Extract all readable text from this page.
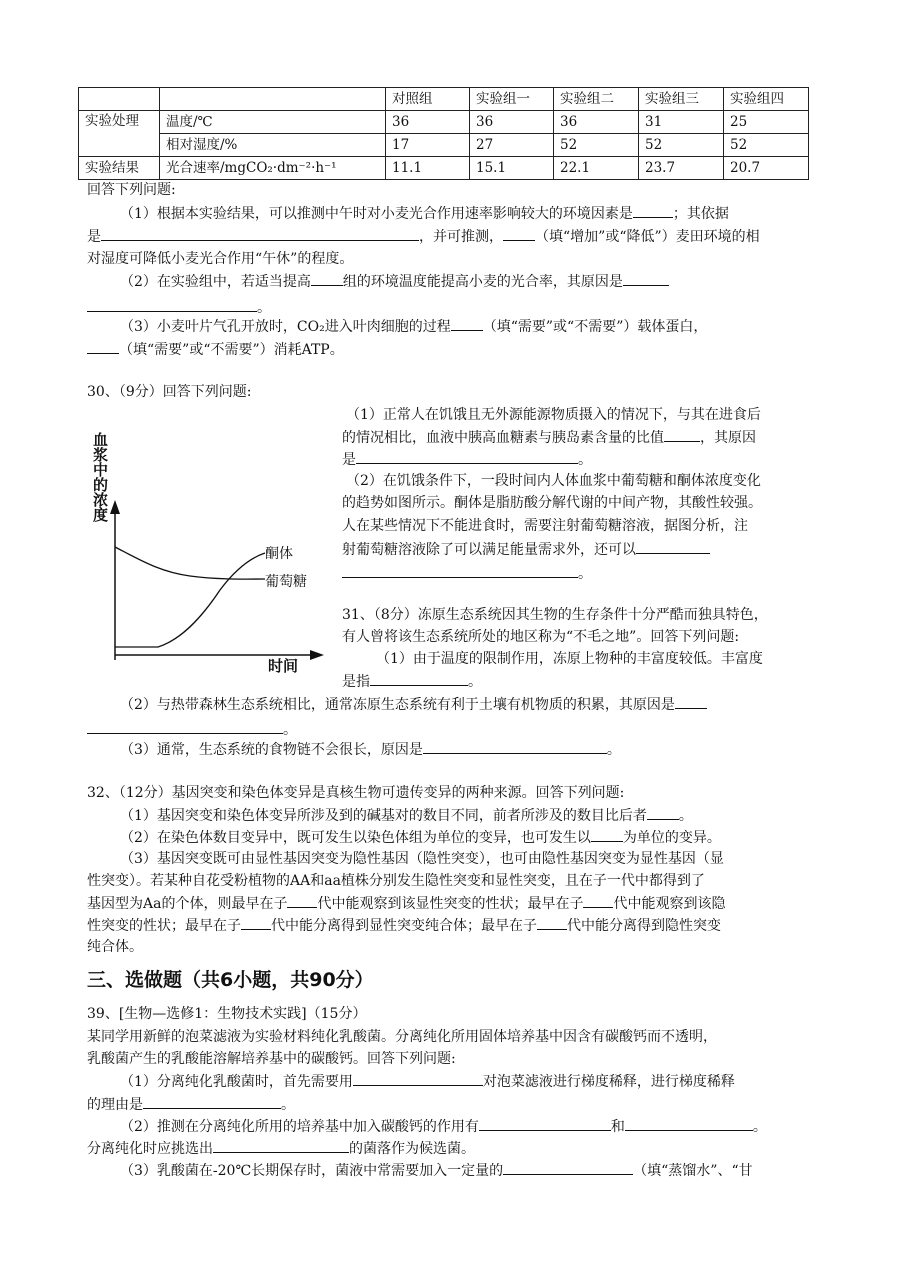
		对照组	实验组一	实验组二	实验组三	实验组四
实验处理	温度/℃	36	36	36	31	25
	相对湿度/%	17	27	52	52	52
实验结果	光合速率/mgCO₂·dm⁻²·h⁻¹	11.1	15.1	22.1	23.7	20.7
回答下列问题:
（1）根据本实验结果，可以推测中午时对小麦光合作用速率影响较大的环境因素是	；其依据
是	，并可推测， （填“增加”或“降低”）麦田环境的相
对湿度可降低小麦光合作用“午休”的程度。
（2）在实验组中，若适当提高 组的环境温度能提高小麦的光合率，其原因是
。
（3）小麦叶片气孔开放时，CO₂进入叶肉细胞的过程 （填“需要”或“不需要”）载体蛋白，
（填“需要”或“不需要”）消耗ATP。
30、（9分）回答下列问题:
（1）正常人在饥饿且无外源能源物质摄入的情况下，与其在进食后
的情况相比，血液中胰高血糖素与胰岛素含量的比值	，其原因
是	。
（2）在饥饿条件下，一段时间内人体血浆中葡萄糖和酮体浓度变化
的趋势如图所示。酮体是脂肪酸分解代谢的中间产物，其酸性较强。
人在某些情况下不能进食时，需要注射葡萄糖溶液，据图分析，注
射葡萄糖溶液除了可以满足能量需求外，还可以
。
血浆中的浓度
酮体
葡萄糖
时间
31、（8分）冻原生态系统因其生物的生存条件十分严酷而独具特色，
有人曾将该生态系统所处的地区称为“不毛之地”。回答下列问题:
（1）由于温度的限制作用，冻原上物种的丰富度较低。丰富度
是指	。
（2）与热带森林生态系统相比，通常冻原生态系统有利于土壤有机物质的积累，其原因是
。
（3）通常，生态系统的食物链不会很长，原因是	。
32、（12分）基因突变和染色体变异是真核生物可遗传变异的两种来源。回答下列问题:
（1）基因突变和染色体变异所涉及到的碱基对的数目不同，前者所涉及的数目比后者 。
（2）在染色体数目变异中，既可发生以染色体组为单位的变异，也可发生以 为单位的变异。
（3）基因突变既可由显性基因突变为隐性基因（隐性突变），也可由隐性基因突变为显性基因（显
性突变）。若某种自花受粉植物的AA和aa植株分别发生隐性突变和显性突变，且在子一代中都得到了
基因型为Aa的个体，则最早在子 代中能观察到该显性突变的性状；最早在子 代中能观察到该隐
性突变的性状；最早在子 代中能分离得到显性突变纯合体；最早在子 代中能分离得到隐性突变
纯合体。
三、选做题（共6小题，共90分）
39、[生物—选修1：生物技术实践]（15分）
某同学用新鲜的泡菜滤液为实验材料纯化乳酸菌。分离纯化所用固体培养基中因含有碳酸钙而不透明，
乳酸菌产生的乳酸能溶解培养基中的碳酸钙。回答下列问题:
（1）分离纯化乳酸菌时，首先需要用	对泡菜滤液进行梯度稀释，进行梯度稀释
的理由是	。
（2）推测在分离纯化所用的培养基中加入碳酸钙的作用有	和	。
分离纯化时应挑选出	的菌落作为候选菌。
（3）乳酸菌在-20℃长期保存时，菌液中常需要加入一定量的	（填“蒸馏水”、“甘
